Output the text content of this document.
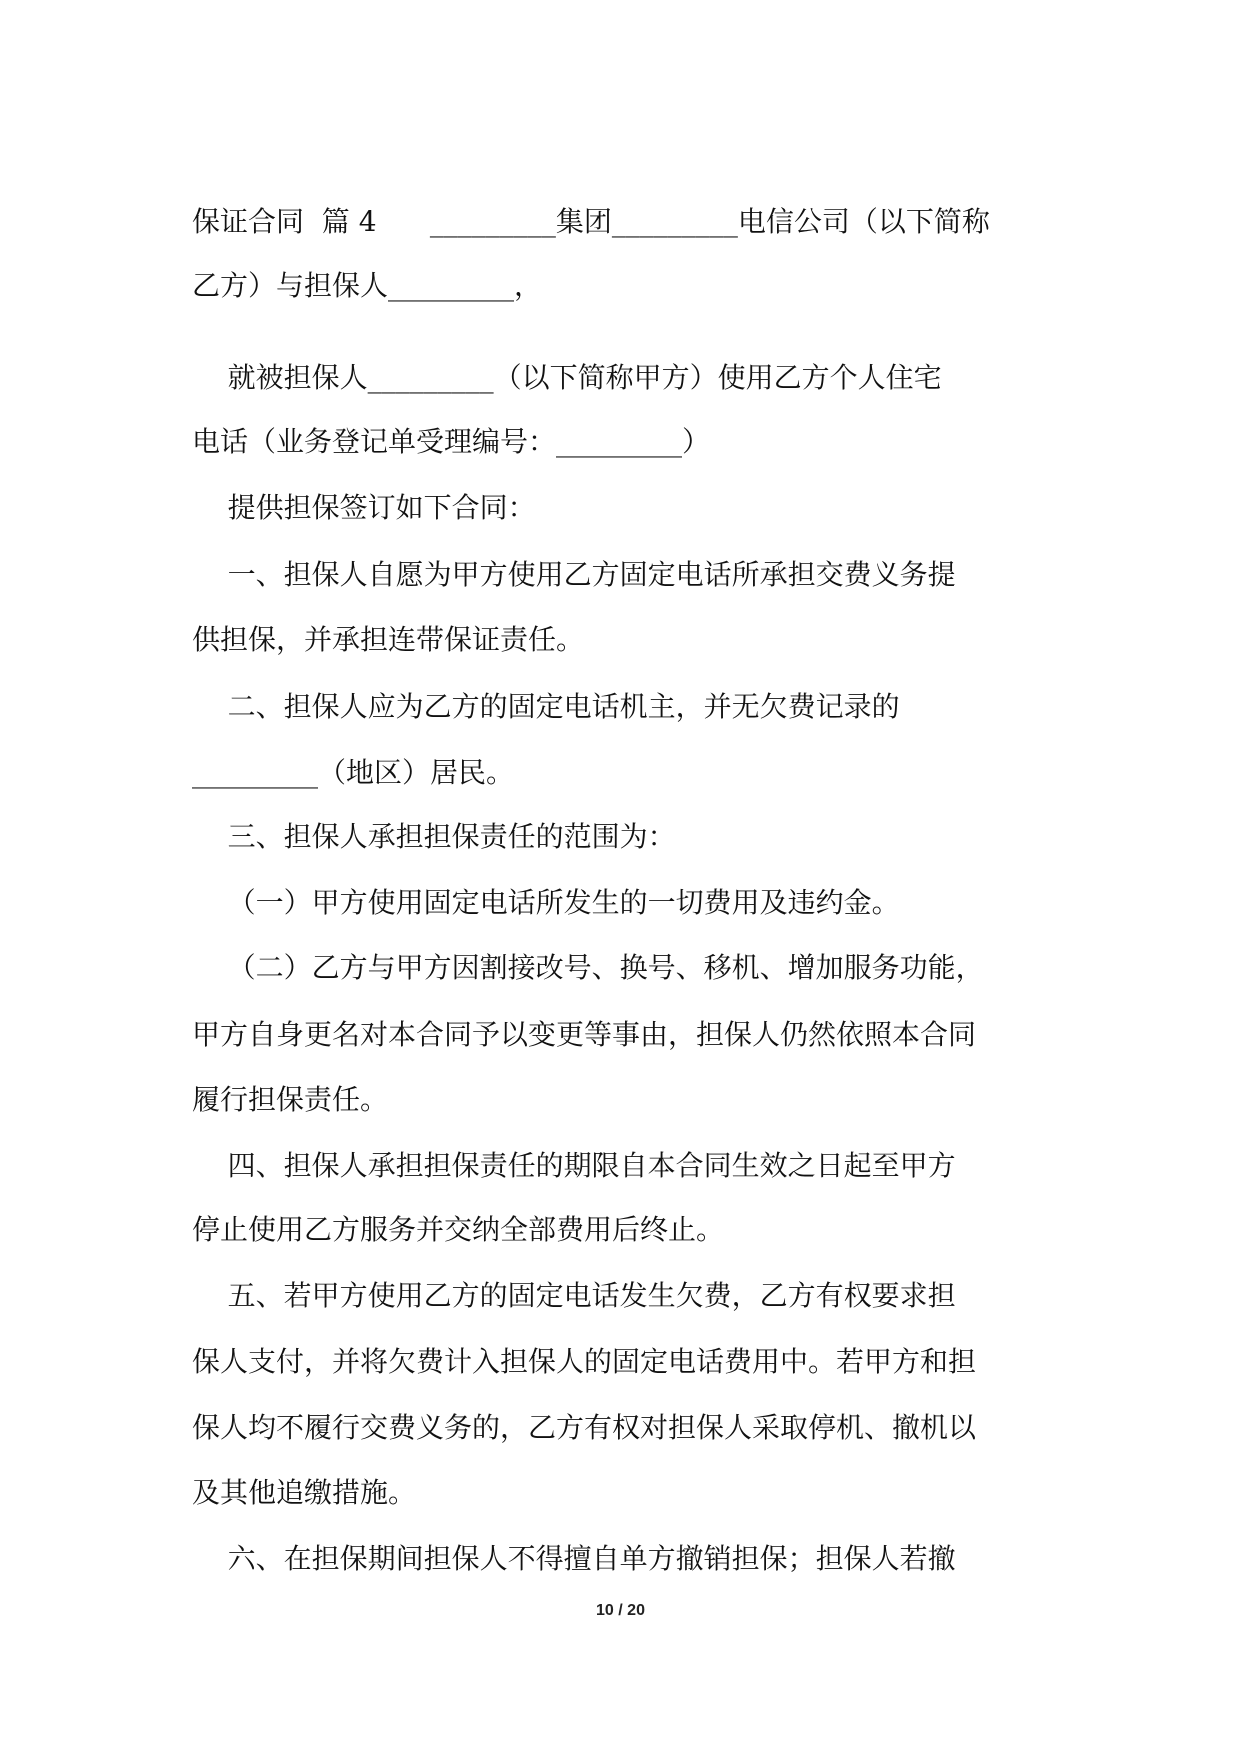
保证合同  篇 4      _________集团_________电信公司（以下简称
乙方）与担保人_________，
就被担保人_________（以下简称甲方）使用乙方个人住宅
电话（业务登记单受理编号：_________）
提供担保签订如下合同：
一、担保人自愿为甲方使用乙方固定电话所承担交费义务提
供担保，并承担连带保证责任。
二、担保人应为乙方的固定电话机主，并无欠费记录的
_________（地区）居民。
三、担保人承担担保责任的范围为：
（一）甲方使用固定电话所发生的一切费用及违约金。
（二）乙方与甲方因割接改号、换号、移机、增加服务功能，
甲方自身更名对本合同予以变更等事由，担保人仍然依照本合同
履行担保责任。
四、担保人承担担保责任的期限自本合同生效之日起至甲方
停止使用乙方服务并交纳全部费用后终止。
五、若甲方使用乙方的固定电话发生欠费，乙方有权要求担
保人支付，并将欠费计入担保人的固定电话费用中。若甲方和担
保人均不履行交费义务的，乙方有权对担保人采取停机、撤机以
及其他追缴措施。
六、在担保期间担保人不得擅自单方撤销担保；担保人若撤
10 / 20
